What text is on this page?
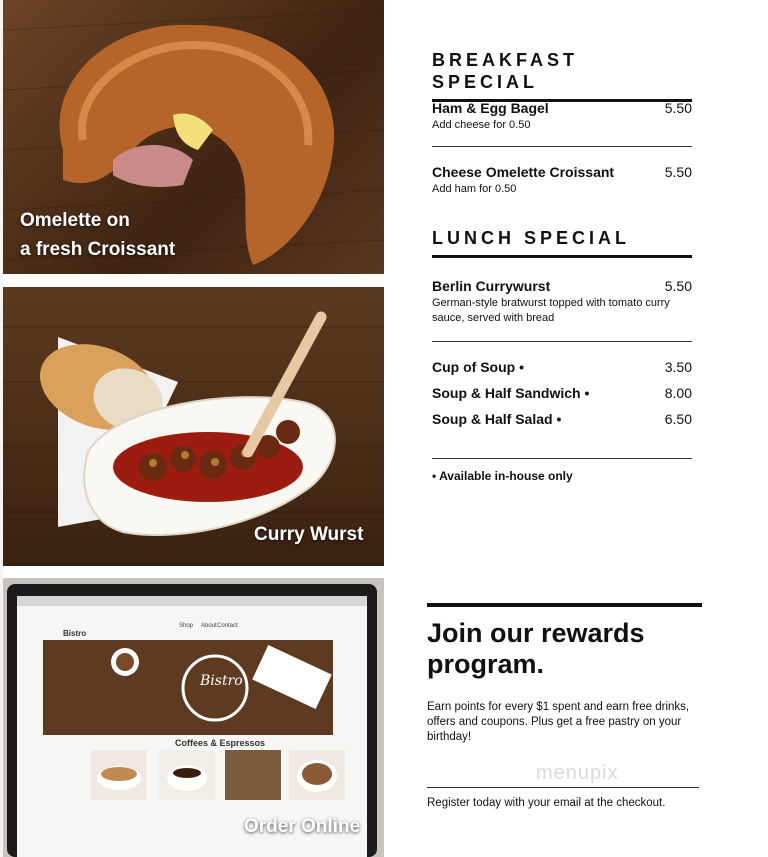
Omelette on
a fresh Croissant
Curry Wurst
Bistro
Shop About Contact
Bistro
Coffees & Espressos
Order Online
BREAKFAST SPECIAL
Ham & Egg Bagel	5.50
Add cheese for 0.50
Cheese Omelette Croissant	5.50
Add ham for 0.50
LUNCH SPECIAL
Berlin Currywurst	5.50
German-style bratwurst topped with tomato curry sauce, served with bread
Cup of Soup •	3.50
Soup & Half Sandwich •	8.00
Soup & Half Salad •	6.50
• Available in-house only
Join our rewards program.
Earn points for every $1 spent and earn free drinks, offers and coupons. Plus get a free pastry on your birthday!
menupix
Register today with your email at the checkout.
